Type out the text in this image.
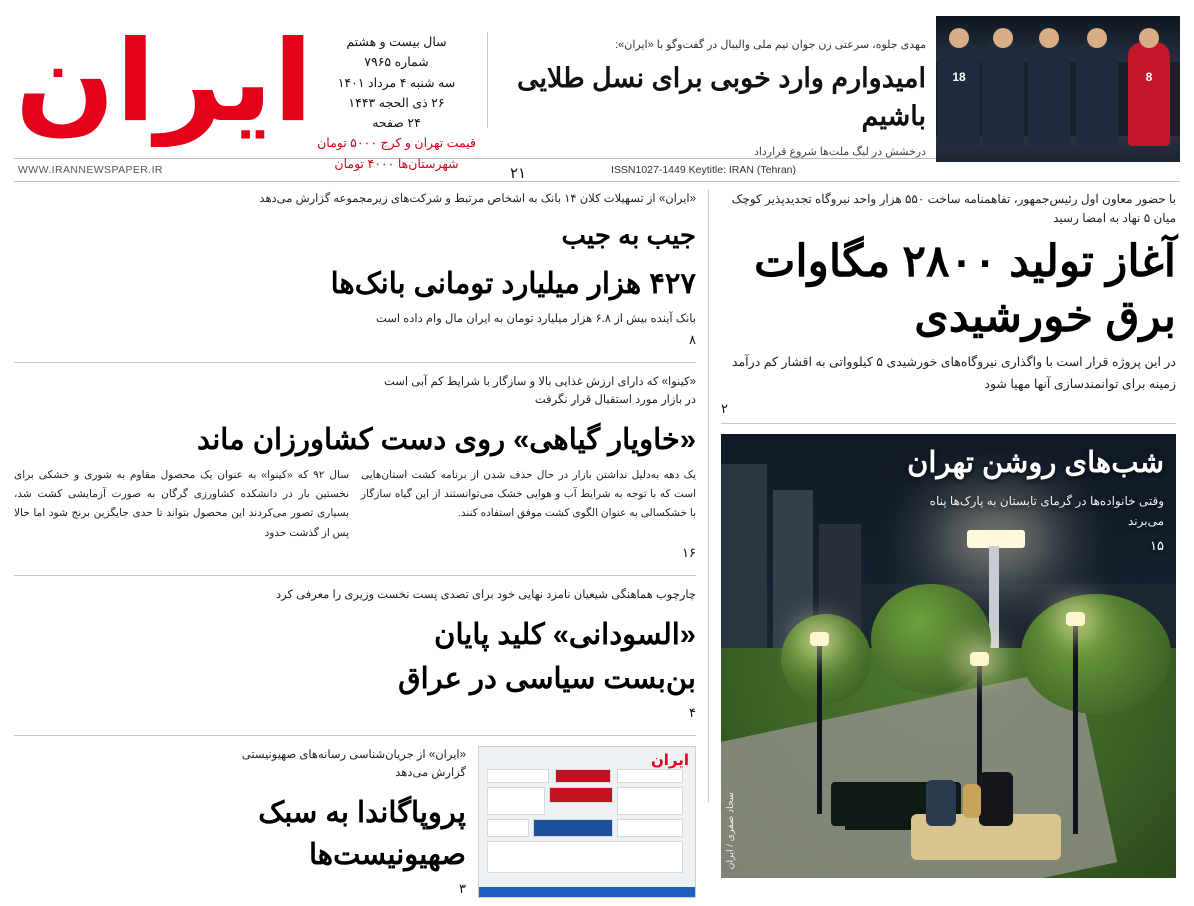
ایران	سال بیست و هشتم
شماره ۷۹۶۵
سه شنبه ۴ مرداد ۱۴۰۱
۲۶ ذی الحجه ۱۴۴۳
۲۴ صفحه
قیمت تهران و کرج ۵۰۰۰ تومان
شهرستان‌ها ۴۰۰۰ تومان
مهدی جلوه، سرعتی زن جوان تیم ملی والیبال در گفت‌وگو با «ایران»:
امیدوارم وارد خوبی برای نسل طلایی باشیم
درخشش در لیگ ملت‌ها شروع قرارداد
۲۱
8
18
WWW.IRANNEWSPAPER.IR	ISSN1027-1449 Keytitle: IRAN (Tehran)
با حضور معاون اول رئیس‌جمهور، تفاهمنامه ساخت ۵۵۰ هزار واحد نیروگاه تجدیدپذیر کوچک میان ۵ نهاد به امضا رسید
آغاز تولید ۲۸۰۰ مگاوات برق خورشیدی
در این پروژه قرار است با واگذاری نیروگاه‌های خورشیدی ۵ کیلوواتی به اقشار کم درآمد زمینه برای توانمندسازی آنها مهیا شود
۲
شب‌های روشن تهران
وقتی خانواده‌ها در گرمای تابستان به پارک‌ها پناه می‌برند
۱۵
سجاد صفری / ایران
«ایران» از تسهیلات کلان ۱۴ بانک به اشخاص مرتبط و شرکت‌های زیرمجموعه گزارش می‌دهد
جیب به جیب
۴۲۷ هزار میلیارد تومانی بانک‌ها
بانک آینده بیش از ۶.۸ هزار میلیارد تومان به ایران مال وام داده است
۸
«کینوا» که دارای ارزش غذایی بالا و سازگار با شرایط کم آبی است
در بازار مورد استقبال قرار نگرفت
«خاویار گیاهی» روی دست کشاورزان ماند

یک دهه به‌دلیل نداشتن بازار در حال حذف شدن از برنامه کشت استان‌هایی است که با توجه به شرایط آب و هوایی خشک می‌توانستند از این گیاه سازگار با خشکسالی به عنوان الگوی کشت موفق استفاده کنند.

سال ۹۲ که «کینوا» به عنوان یک محصول مقاوم به شوری و خشکی برای نخستین بار در دانشکده کشاورزی گرگان به صورت آزمایشی کشت شد، بسیاری تصور می‌کردند این محصول بتواند تا حدی جایگزین برنج شود اما حالا پس از گذشت حدود

۱۶
چارچوب هماهنگی شیعیان نامزد نهایی خود برای تصدی پست نخست وزیری را معرفی کرد
«السودانی» کلید پایان
بن‌بست سیاسی در عراق
۴
«ایران» از جریان‌شناسی رسانه‌های صهیونیستی
گزارش می‌دهد
پروپاگاندا به سبک
صهیونیست‌ها
۳
ایران
